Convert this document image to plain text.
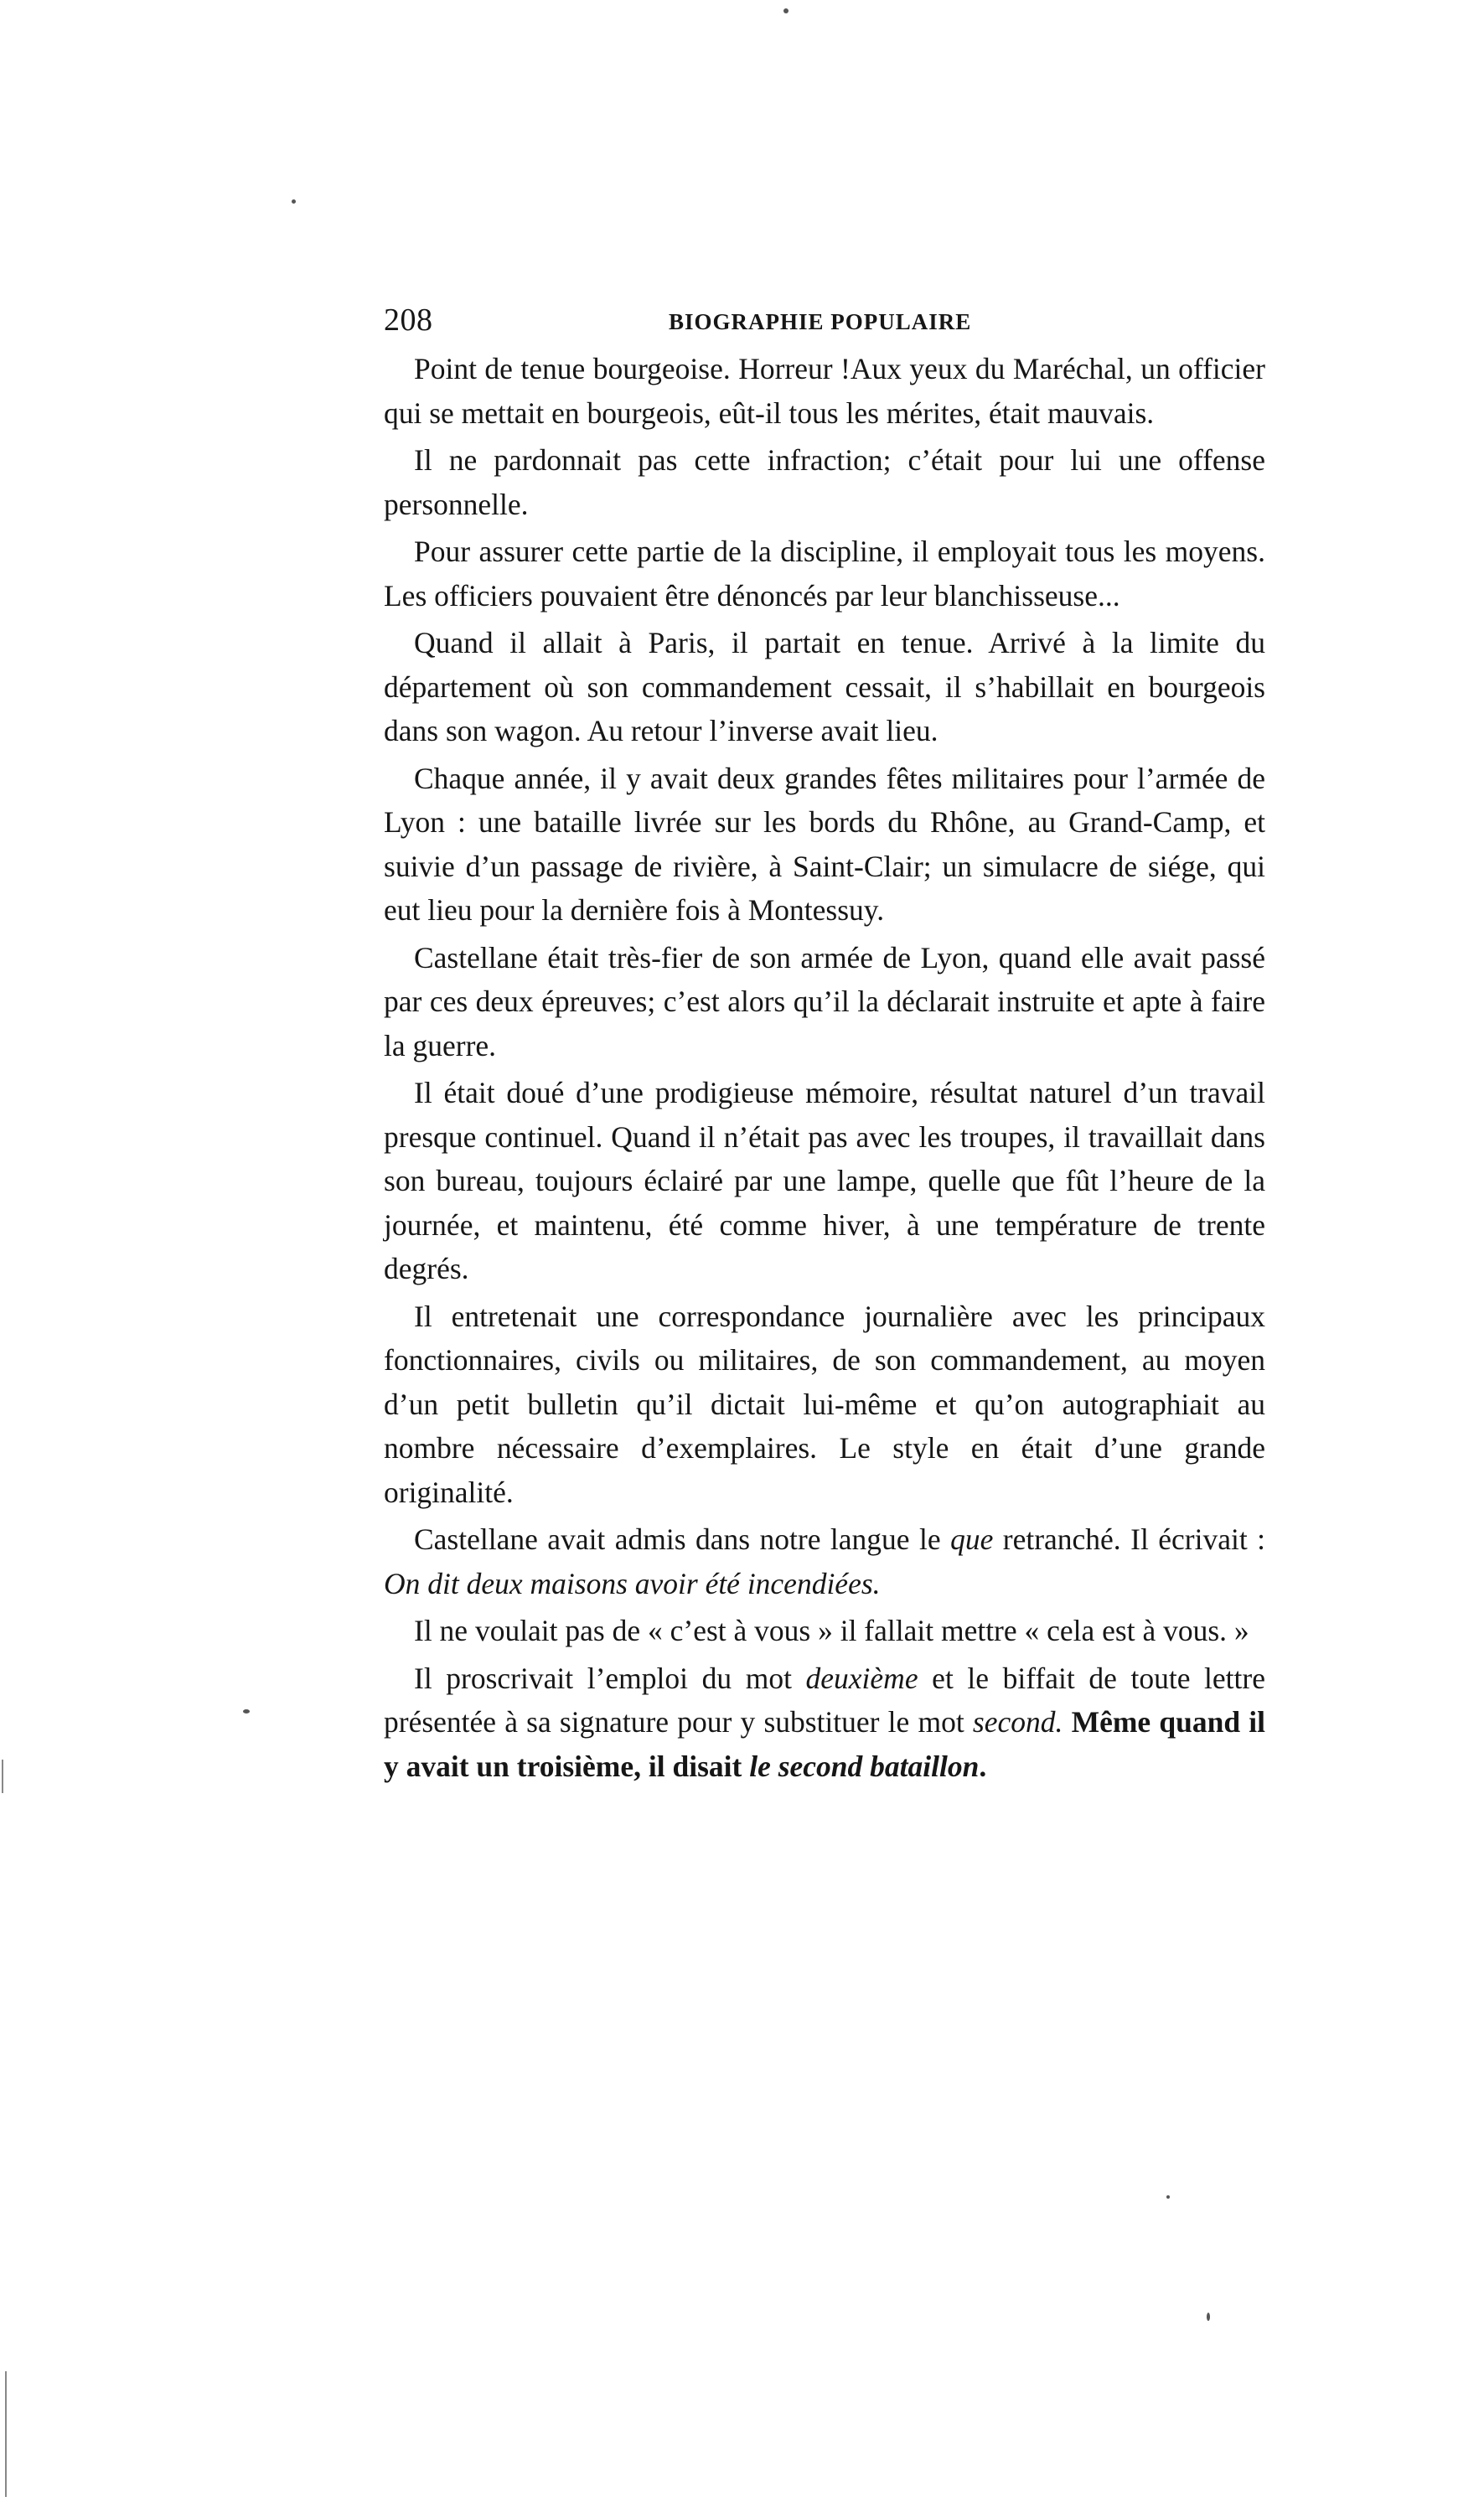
208	BIOGRAPHIE POPULAIRE

Point de tenue bourgeoise. Horreur !Aux yeux du Maréchal, un officier qui se mettait en bourgeois, eût-il tous les mérites, était mauvais.

Il ne pardonnait pas cette infraction; c’était pour lui une offense personnelle.

Pour assurer cette partie de la discipline, il employait tous les moyens. Les officiers pouvaient être dénoncés par leur blanchisseuse...

Quand il allait à Paris, il partait en tenue. Arrivé à la limite du département où son commandement cessait, il s’habillait en bourgeois dans son wagon. Au retour l’inverse avait lieu.

Chaque année, il y avait deux grandes fêtes militaires pour l’armée de Lyon : une bataille livrée sur les bords du Rhône, au Grand-Camp, et suivie d’un passage de rivière, à Saint-Clair; un simulacre de siége, qui eut lieu pour la dernière fois à Montessuy.

Castellane était très-fier de son armée de Lyon, quand elle avait passé par ces deux épreuves; c’est alors qu’il la déclarait instruite et apte à faire la guerre.

Il était doué d’une prodigieuse mémoire, résultat naturel d’un travail presque continuel. Quand il n’était pas avec les troupes, il travaillait dans son bureau, toujours éclairé par une lampe, quelle que fût l’heure de la journée, et maintenu, été comme hiver, à une température de trente degrés.

Il entretenait une correspondance journalière avec les principaux fonctionnaires, civils ou militaires, de son commandement, au moyen d’un petit bulletin qu’il dictait lui-même et qu’on autographiait au nombre nécessaire d’exemplaires. Le style en était d’une grande originalité.

Castellane avait admis dans notre langue le que retranché. Il écrivait : On dit deux maisons avoir été incendiées.

Il ne voulait pas de « c’est à vous » il fallait mettre « cela est à vous. »

Il proscrivait l’emploi du mot deuxième et le biffait de toute lettre présentée à sa signature pour y substituer le mot second. Même quand il y avait un troisième, il disait le second bataillon.
